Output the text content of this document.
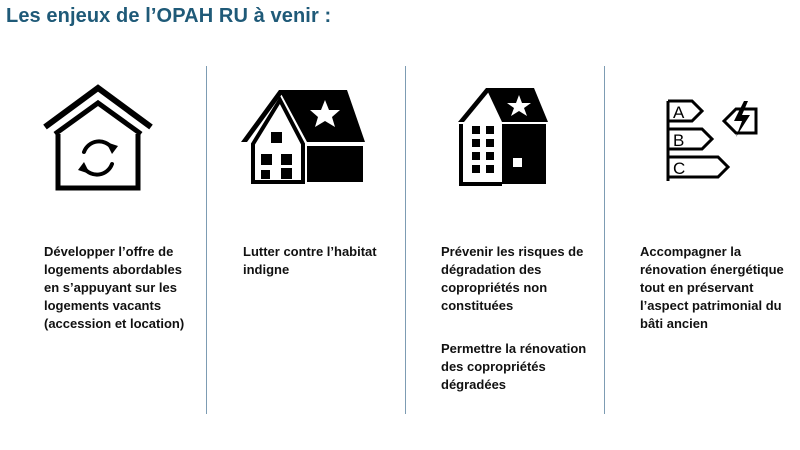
Les enjeux de l’OPAH RU à venir :
A
B
C
Développer l’offre de
logements abordables
en s’appuyant sur les
logements vacants
(accession et location)
Lutter contre l’habitat
indigne
Prévenir les risques de
dégradation des
copropriétés non
constituées
Permettre la rénovation
des copropriétés
dégradées
Accompagner la
rénovation énergétique
tout en préservant
l’aspect patrimonial du
bâti ancien
